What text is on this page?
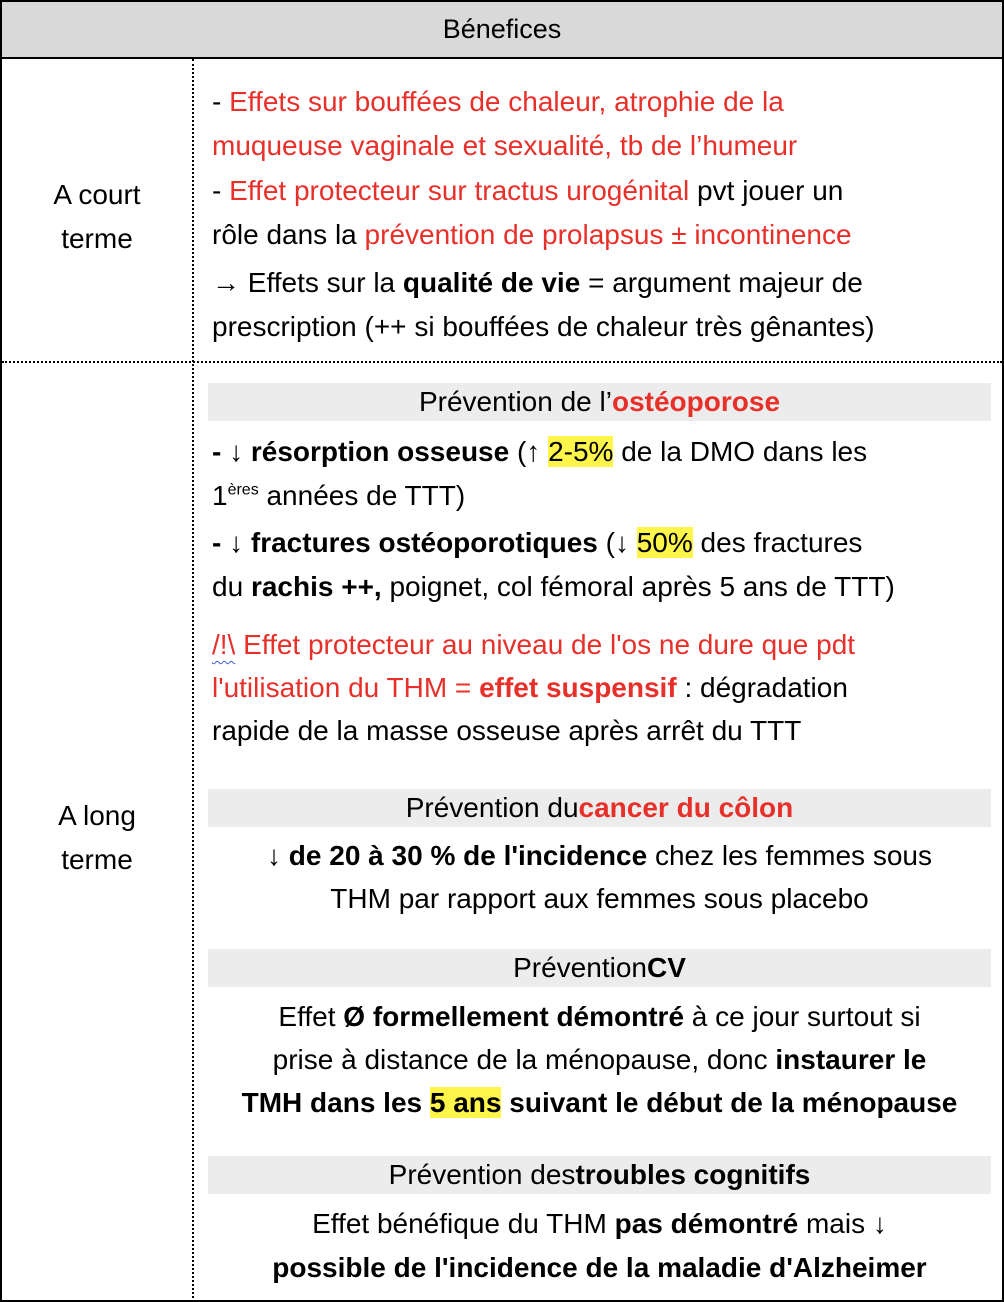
Bénefices
A court
terme
- Effets sur bouffées de chaleur, atrophie de la
muqueuse vaginale et sexualité, tb de l’humeur
- Effet protecteur sur tractus urogénital pvt jouer un
rôle dans la prévention de prolapsus ± incontinence
→ Effets sur la qualité de vie = argument majeur de
prescription (++ si bouffées de chaleur très gênantes)
A long
terme
Prévention de l’ ostéoporose
- ↓ résorption osseuse (↑ 2-5% de la DMO dans les
1ères années de TTT)
- ↓ fractures ostéoporotiques (↓ 50% des fractures
du rachis ++, poignet, col fémoral après 5 ans de TTT)
/!\ Effet protecteur au niveau de l'os ne dure que pdt
l'utilisation du THM = effet suspensif : dégradation
rapide de la masse osseuse après arrêt du TTT
Prévention du cancer du côlon
↓ de 20 à 30 % de l'incidence chez les femmes sous
THM par rapport aux femmes sous placebo
Prévention CV
Effet Ø formellement démontré à ce jour surtout si
prise à distance de la ménopause, donc instaurer le
TMH dans les 5 ans suivant le début de la ménopause
Prévention des troubles cognitifs
Effet bénéfique du THM pas démontré mais ↓
possible de l'incidence de la maladie d'Alzheimer
